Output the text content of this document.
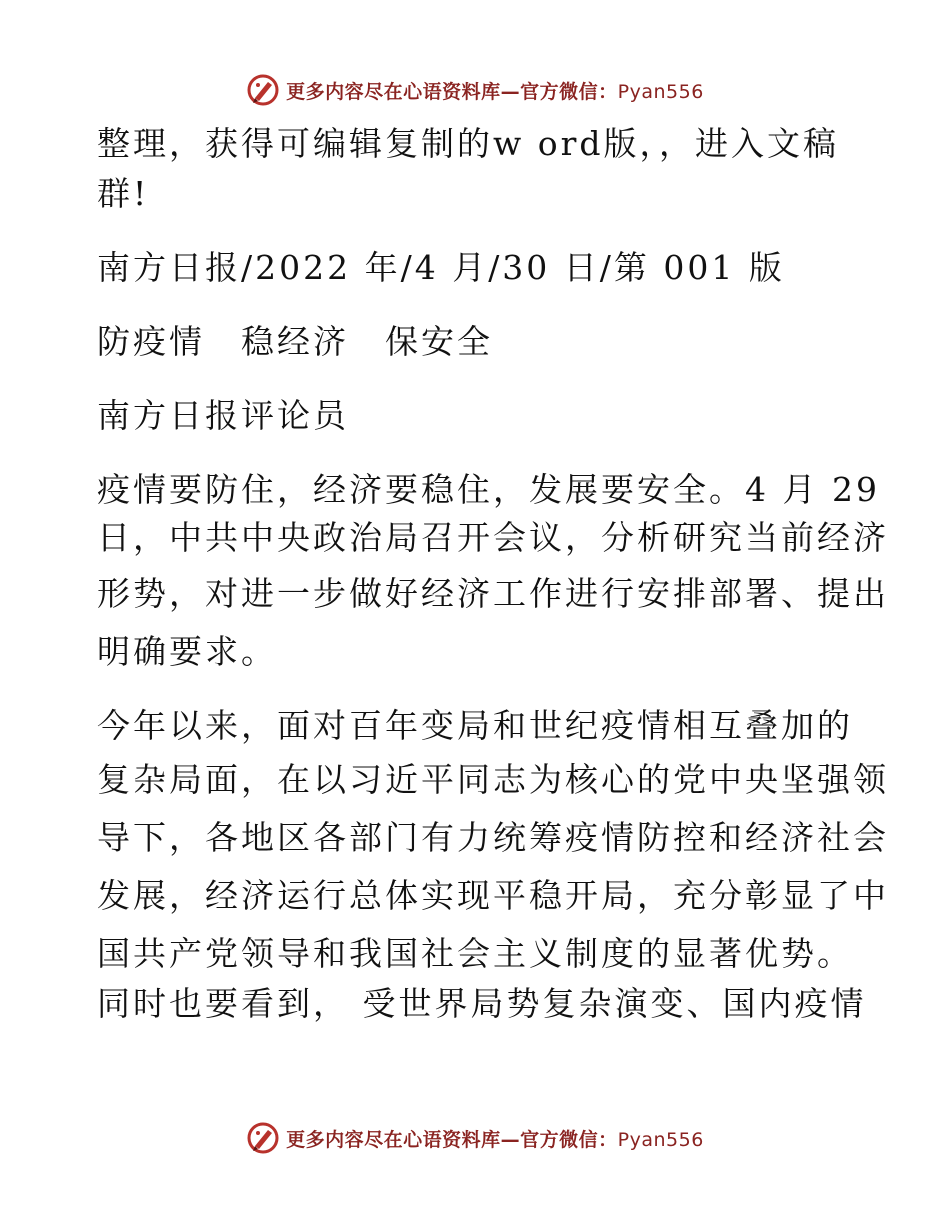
更多内容尽在心语资料库—官方微信：Pyan556
整理，获得可编辑复制的w ord版，，进入文稿
群!
南方日报/2022 年/4 月/30 日/第 001 版
防疫情　稳经济　保安全
南方日报评论员
疫情要防住，经济要稳住，发展要安全。4 月 29
日，中共中央政治局召开会议，分析研究当前经济
形势，对进一步做好经济工作进行安排部署、提出
明确要求。
今年以来，面对百年变局和世纪疫情相互叠加的
复杂局面，在以习近平同志为核心的党中央坚强领
导下，各地区各部门有力统筹疫情防控和经济社会
发展，经济运行总体实现平稳开局，充分彰显了中
国共产党领导和我国社会主义制度的显著优势。
同时也要看到， 受世界局势复杂演变、国内疫情
更多内容尽在心语资料库—官方微信：Pyan556
